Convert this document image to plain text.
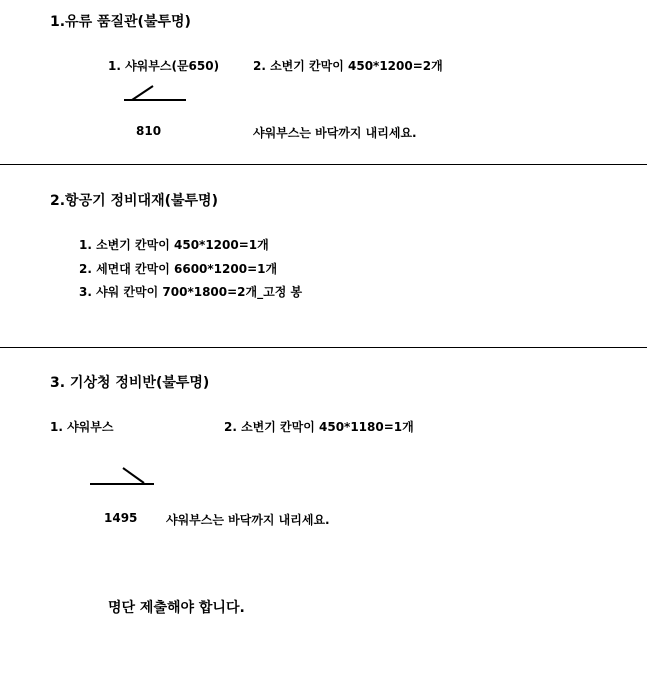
1.유류 품질관(불투명)
1. 샤워부스(문650)	2. 소변기 칸막이 450*1200=2개
810	샤워부스는 바닥까지 내리세요.
2.항공기 정비대재(불투명)
1. 소변기 칸막이 450*1200=1개
2. 세면대 칸막이 6600*1200=1개
3. 샤워 칸막이 700*1800=2개_고정 봉
3. 기상청 정비반(불투명)
1. 샤워부스	2. 소변기 칸막이 450*1180=1개
1495 샤워부스는 바닥까지 내리세요.
명단 제출해야 합니다.
